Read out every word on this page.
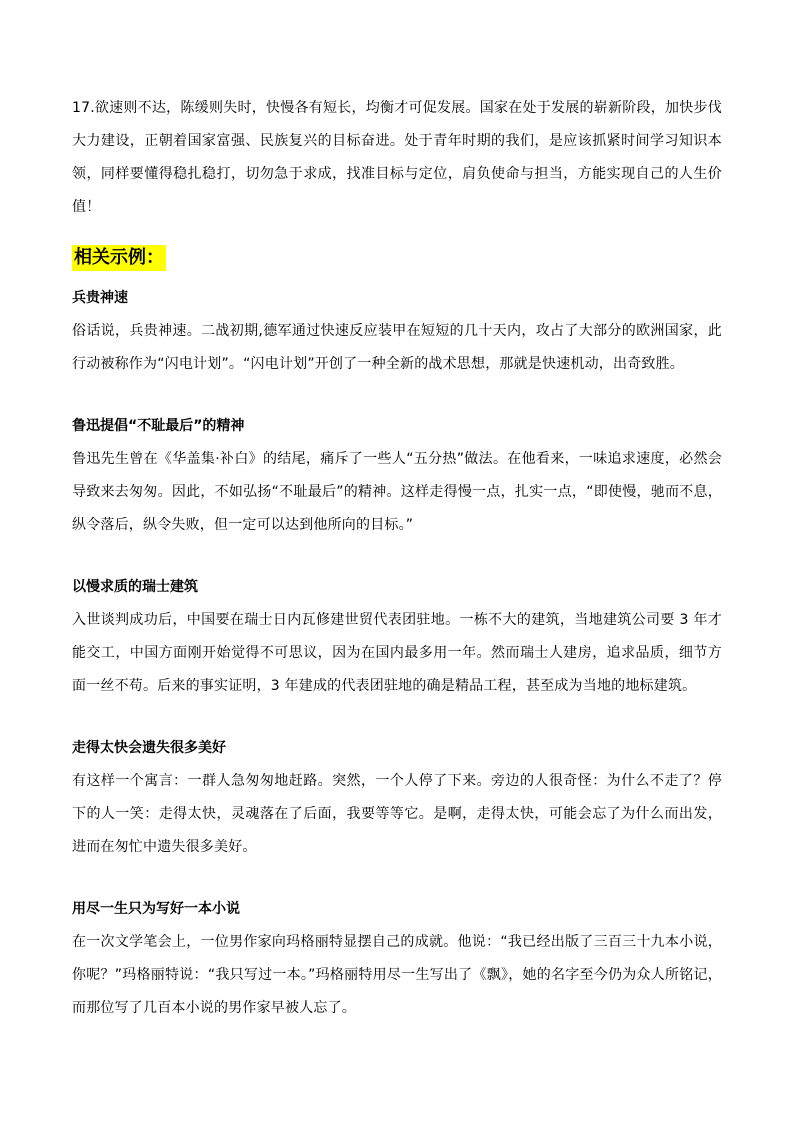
17.欲速则不达，陈缓则失时，快慢各有短长，均衡才可促发展。国家在处于发展的崭新阶段，加快步伐大力建设，正朝着国家富强、民族复兴的目标奋进。处于青年时期的我们，是应该抓紧时间学习知识本领，同样要懂得稳扎稳打，切勿急于求成，找准目标与定位，肩负使命与担当，方能实现自己的人生价值！

相关示例：

兵贵神速

俗话说，兵贵神速。二战初期,德军通过快速反应装甲在短短的几十天内，攻占了大部分的欧洲国家，此行动被称作为“闪电计划”。“闪电计划”开创了一种全新的战术思想，那就是快速机动，出奇致胜。

鲁迅提倡“不耻最后”的精神

鲁迅先生曾在《华盖集·补白》的结尾，痛斥了一些人“五分热”做法。在他看来，一味追求速度，必然会导致来去匆匆。因此，不如弘扬“不耻最后”的精神。这样走得慢一点，扎实一点，“即使慢，驰而不息，纵令落后，纵令失败，但一定可以达到他所向的目标。”

以慢求质的瑞士建筑

入世谈判成功后，中国要在瑞士日内瓦修建世贸代表团驻地。一栋不大的建筑，当地建筑公司要 3 年才能交工，中国方面刚开始觉得不可思议，因为在国内最多用一年。然而瑞士人建房，追求品质，细节方面一丝不苟。后来的事实证明，3 年建成的代表团驻地的确是精品工程，甚至成为当地的地标建筑。

走得太快会遗失很多美好

有这样一个寓言：一群人急匆匆地赶路。突然，一个人停了下来。旁边的人很奇怪：为什么不走了？停下的人一笑：走得太快，灵魂落在了后面，我要等等它。是啊，走得太快，可能会忘了为什么而出发，进而在匆忙中遗失很多美好。

用尽一生只为写好一本小说

在一次文学笔会上，一位男作家向玛格丽特显摆自己的成就。他说：“我已经出版了三百三十九本小说，你呢？”玛格丽特说：“我只写过一本。”玛格丽特用尽一生写出了《飘》，她的名字至今仍为众人所铭记，而那位写了几百本小说的男作家早被人忘了。
